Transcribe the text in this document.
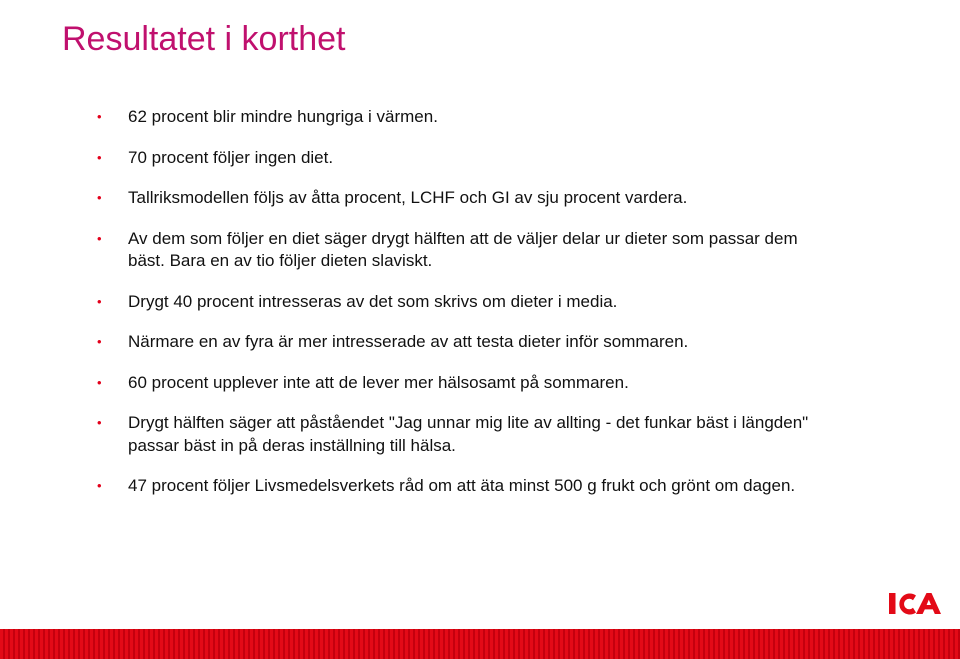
Resultatet i korthet
• 62 procent blir mindre hungriga i värmen.
• 70 procent följer ingen diet.
• Tallriksmodellen följs av åtta procent, LCHF och GI av sju procent vardera.
• Av dem som följer en diet säger drygt hälften att de väljer delar ur dieter som passar dem bäst. Bara en av tio följer dieten slaviskt.
• Drygt 40 procent intresseras av det som skrivs om dieter i media.
• Närmare en av fyra är mer intresserade av att testa dieter inför sommaren.
• 60 procent upplever inte att de lever mer hälsosamt på sommaren.
• Drygt hälften säger att påståendet "Jag unnar mig lite av allting - det funkar bäst i längden" passar bäst in på deras inställning till hälsa.
• 47 procent följer Livsmedelsverkets råd om att äta minst 500 g frukt och grönt om dagen.
